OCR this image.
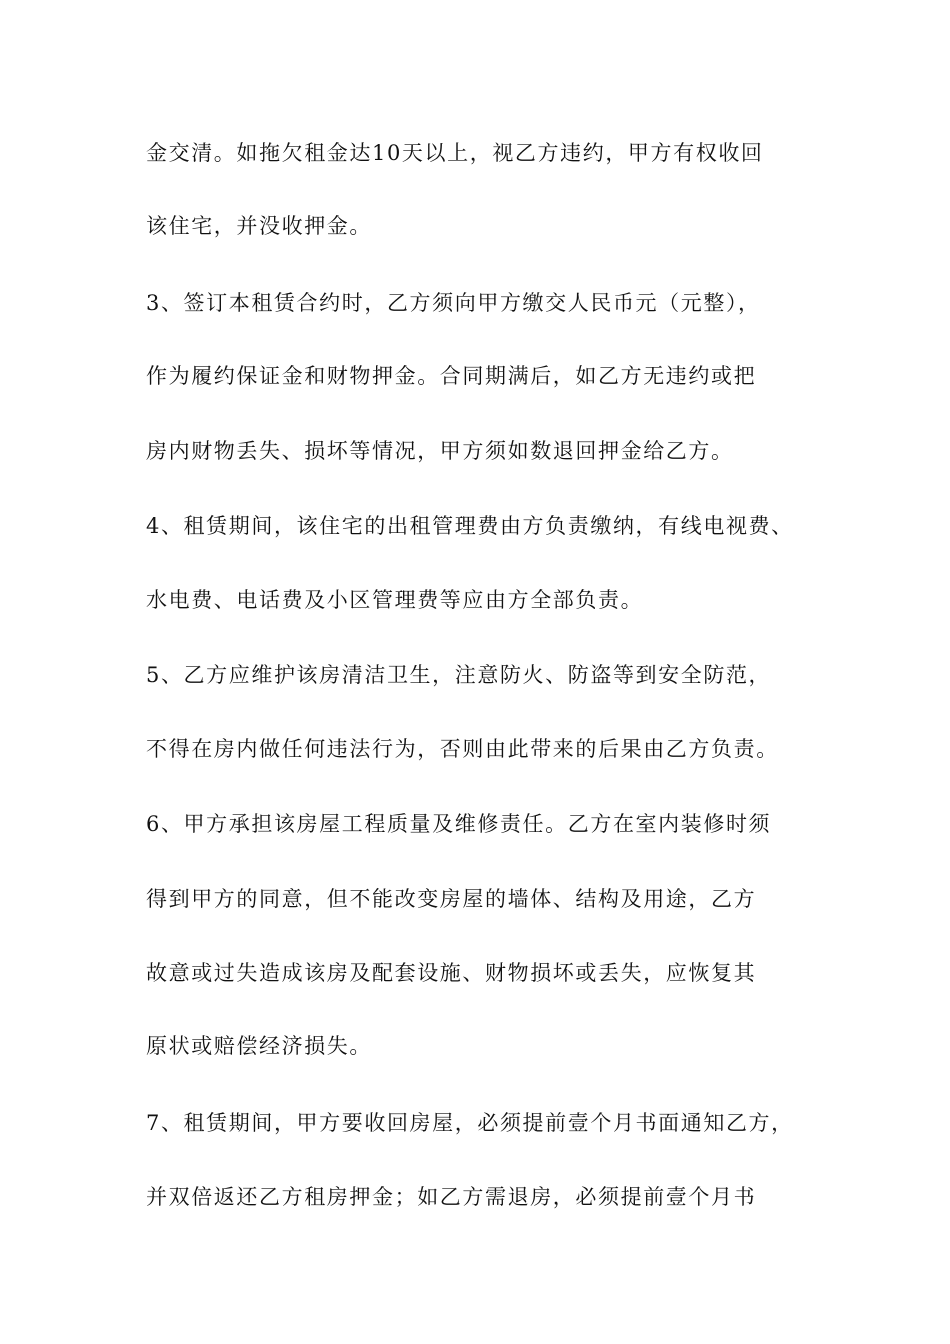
金交清。如拖欠租金达10天以上，视乙方违约，甲方有权收回
该住宅，并没收押金。
3、签订本租赁合约时，乙方须向甲方缴交人民币元（元整），
作为履约保证金和财物押金。合同期满后，如乙方无违约或把
房内财物丢失、损坏等情况，甲方须如数退回押金给乙方。
4、租赁期间，该住宅的出租管理费由方负责缴纳，有线电视费、
水电费、电话费及小区管理费等应由方全部负责。
5、乙方应维护该房清洁卫生，注意防火、防盗等到安全防范，
不得在房内做任何违法行为，否则由此带来的后果由乙方负责。
6、甲方承担该房屋工程质量及维修责任。乙方在室内装修时须
得到甲方的同意，但不能改变房屋的墙体、结构及用途，乙方
故意或过失造成该房及配套设施、财物损坏或丢失，应恢复其
原状或赔偿经济损失。
7、租赁期间，甲方要收回房屋，必须提前壹个月书面通知乙方，
并双倍返还乙方租房押金；如乙方需退房，必须提前壹个月书
